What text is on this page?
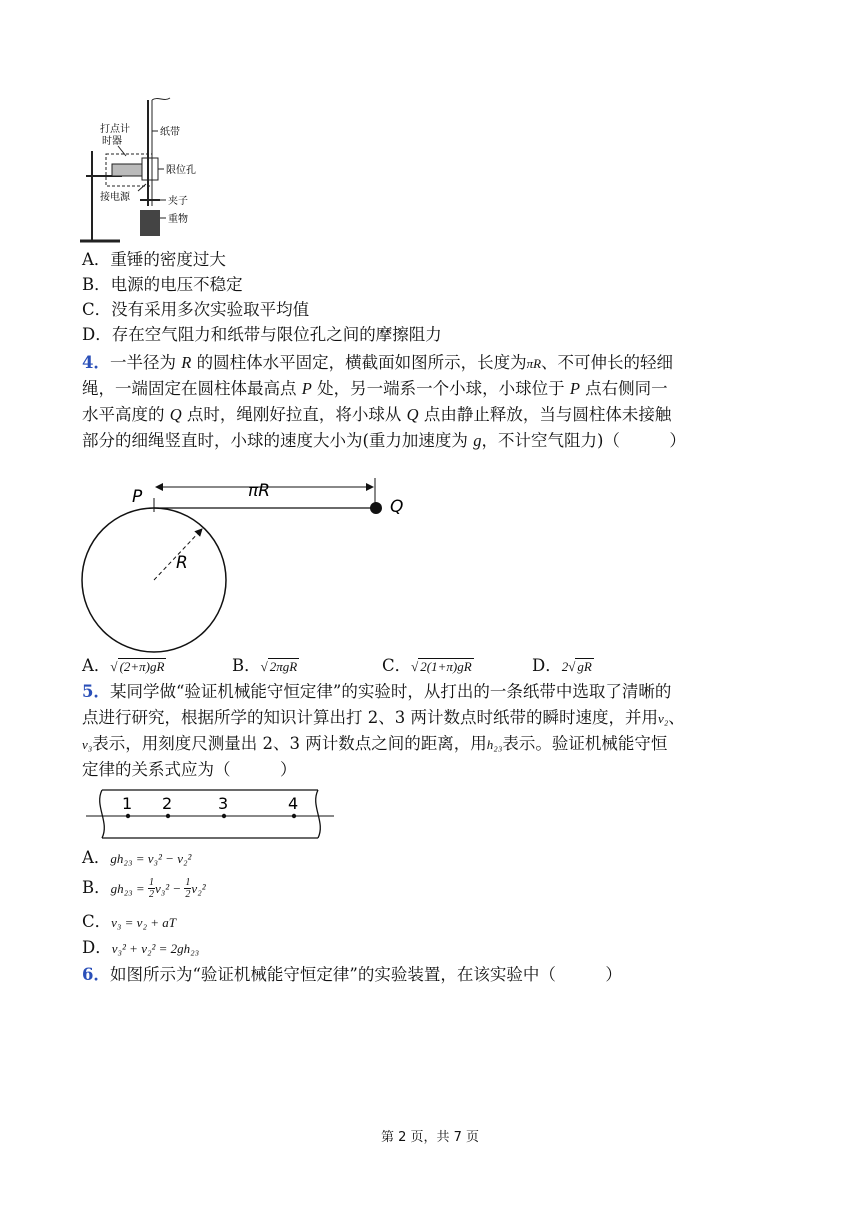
打点计
时器
纸带
限位孔
接电源	夹子
重物
A．重锤的密度过大
B．电源的电压不稳定
C．没有采用多次实验取平均值
D．存在空气阻力和纸带与限位孔之间的摩擦阻力
4．一半径为 R 的圆柱体水平固定，横截面如图所示，长度为πR、不可伸长的轻细
绳，一端固定在圆柱体最高点 P 处，另一端系一个小球，小球位于 P 点右侧同一
水平高度的 Q 点时，绳刚好拉直，将小球从 Q 点由静止释放，当与圆柱体未接触
部分的细绳竖直时，小球的速度大小为(重力加速度为 g，不计空气阻力)（　　　）
P	Q
πR
R
A．√ (2+π)gR	B．√ 2πgR	C．√ 2(1+π)gR	D．2√ gR
5．某同学做“验证机械能守恒定律”的实验时，从打出的一条纸带中选取了清晰的
点进行研究，根据所学的知识计算出打 2、3 两计数点时纸带的瞬时速度，并用v₂、
v₃表示，用刻度尺测量出 2、3 两计数点之间的距离，用h₂₃表示。验证机械能守恒
定律的关系式应为（　　　）
1 2	3	4
A．gh₂₃ = v₃² − v₂²
B．$gh_{23} = \frac{1}{2} v_3^2 - \frac{1}{2} v_2^2$
C．v₃ = v₂ + aT
D．v₃² + v₂² = 2gh₂₃
6．如图所示为“验证机械能守恒定律”的实验装置，在该实验中（　　　）
第 2 页，共 7 页
